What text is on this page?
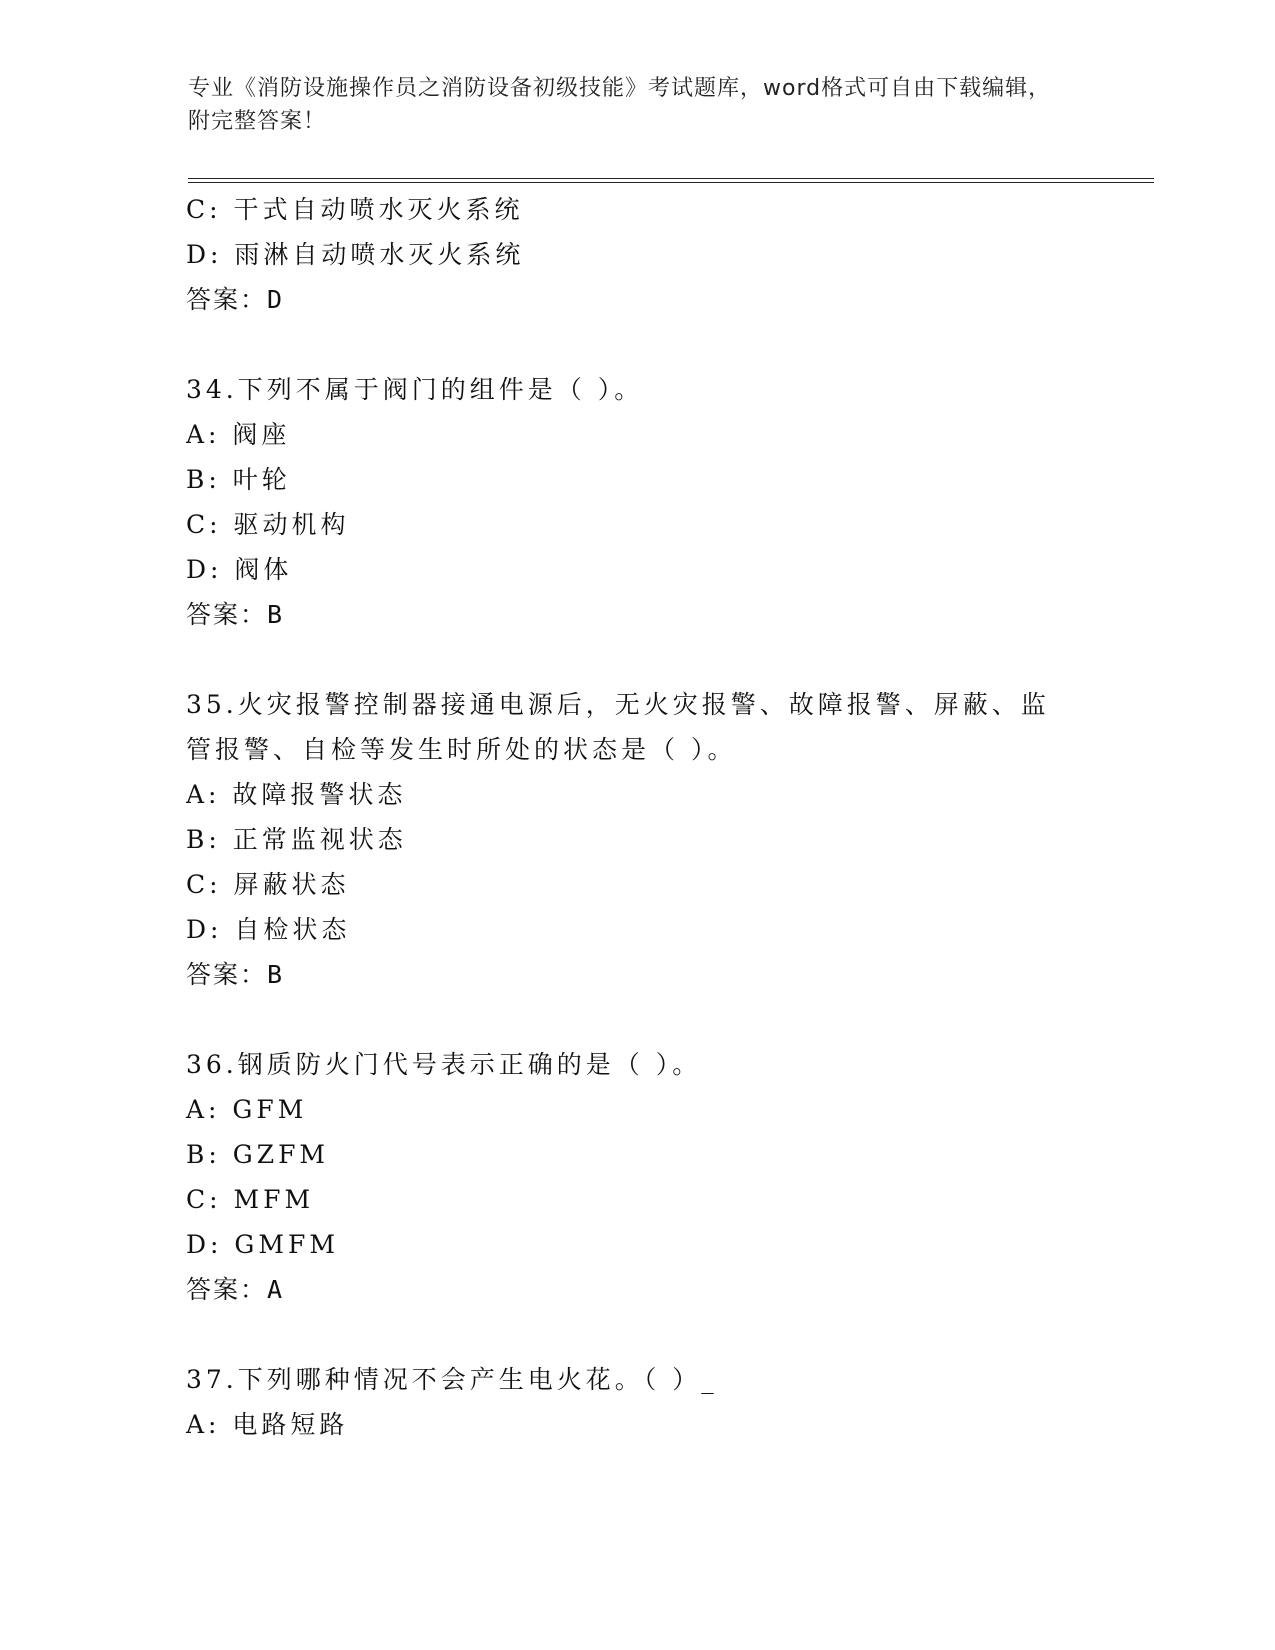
专业《消防设施操作员之消防设备初级技能》考试题库，word格式可自由下载编辑，附完整答案！
C: 干式自动喷水灭火系统
D: 雨淋自动喷水灭火系统
答案：D
34.下列不属于阀门的组件是（ ）。
A: 阀座
B: 叶轮
C: 驱动机构
D: 阀体
答案：B
35.火灾报警控制器接通电源后，无火灾报警、故障报警、屏蔽、监管报警、自检等发生时所处的状态是（ ）。
A: 故障报警状态
B: 正常监视状态
C: 屏蔽状态
D: 自检状态
答案：B
36.钢质防火门代号表示正确的是（ ）。
A: GFM
B: GZFM
C: MFM
D: GMFM
答案：A
37.下列哪种情况不会产生电火花。（ ）_
A: 电路短路
